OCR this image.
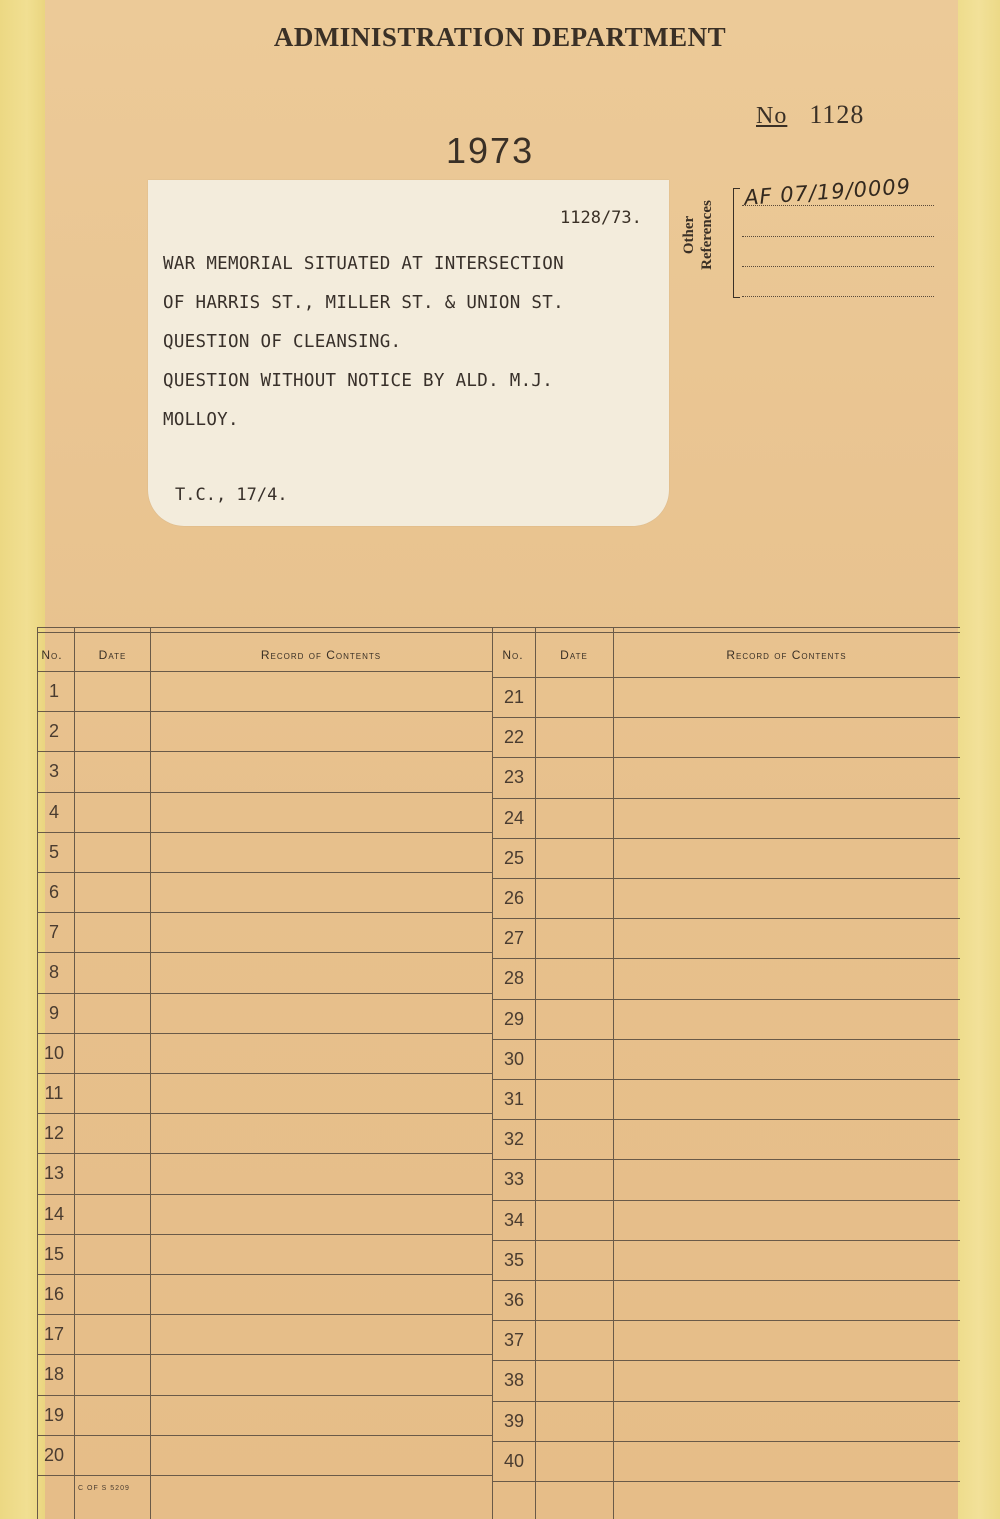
ADMINISTRATION DEPARTMENT
No 1128
1973
1128/73.
WAR MEMORIAL SITUATED AT INTERSECTION
OF HARRIS ST., MILLER ST. & UNION ST.
QUESTION OF CLEANSING.
QUESTION WITHOUT NOTICE BY ALD. M.J.
MOLLOY.
T.C., 17/4.
Other References
AF 07/19/0009
No.	Date	Record of Contents
1
2
3
4
5
6
7
8
9
10
11
12
13
14
15
16
17
18
19
20
No.	Date	Record of Contents
21
22
23
24
25
26
27
28
29
30
31
32
33
34
35
36
37
38
39
40
C OF S 5209
